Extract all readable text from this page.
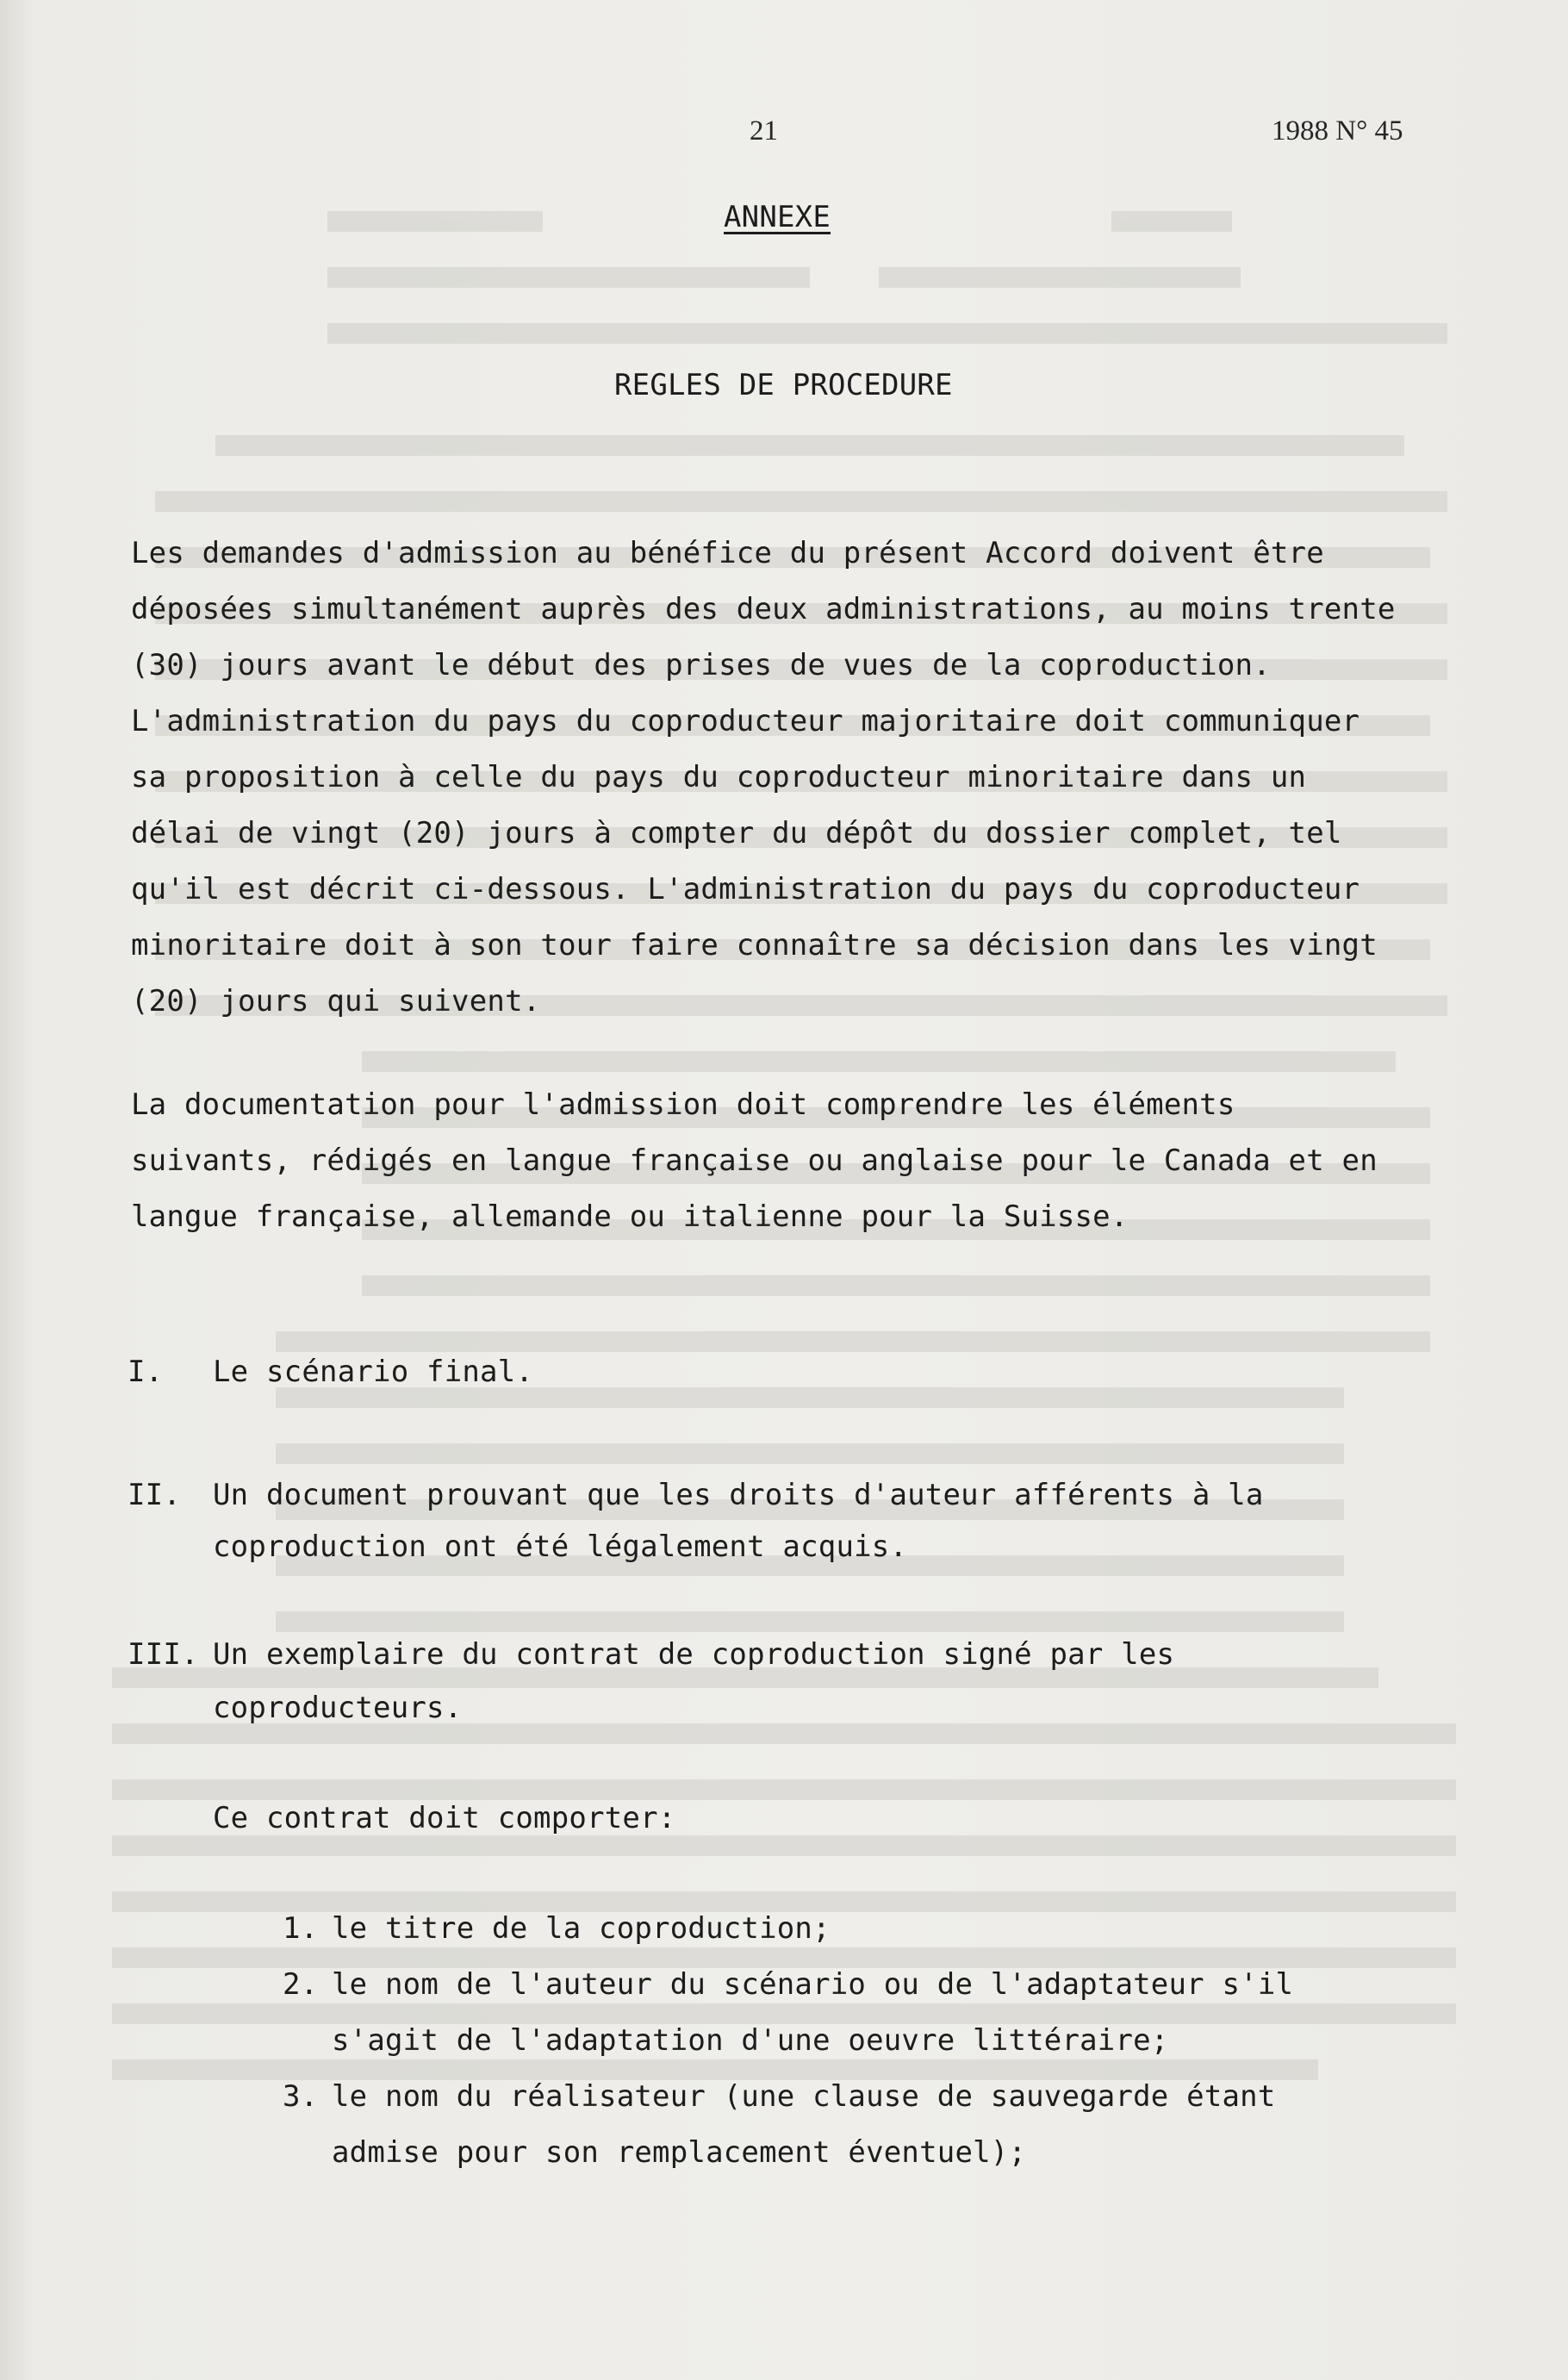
21	1988 N° 45
ANNEXE
REGLES DE PROCEDURE
Les demandes d'admission au bénéfice du présent Accord doivent être
déposées simultanément auprès des deux administrations, au moins trente
(30) jours avant le début des prises de vues de la coproduction.
L'administration du pays du coproducteur majoritaire doit communiquer
sa proposition à celle du pays du coproducteur minoritaire dans un
délai de vingt (20) jours à compter du dépôt du dossier complet, tel
qu'il est décrit ci-dessous. L'administration du pays du coproducteur
minoritaire doit à son tour faire connaître sa décision dans les vingt
(20) jours qui suivent.
La documentation pour l'admission doit comprendre les éléments
suivants, rédigés en langue française ou anglaise pour le Canada et en
langue française, allemande ou italienne pour la Suisse.
I. Le scénario final.
II. Un document prouvant que les droits d'auteur afférents à la
coproduction ont été légalement acquis.
III. Un exemplaire du contrat de coproduction signé par les
coproducteurs.
Ce contrat doit comporter:
1. le titre de la coproduction;
2. le nom de l'auteur du scénario ou de l'adaptateur s'il
s'agit de l'adaptation d'une oeuvre littéraire;
3. le nom du réalisateur (une clause de sauvegarde étant
admise pour son remplacement éventuel);
